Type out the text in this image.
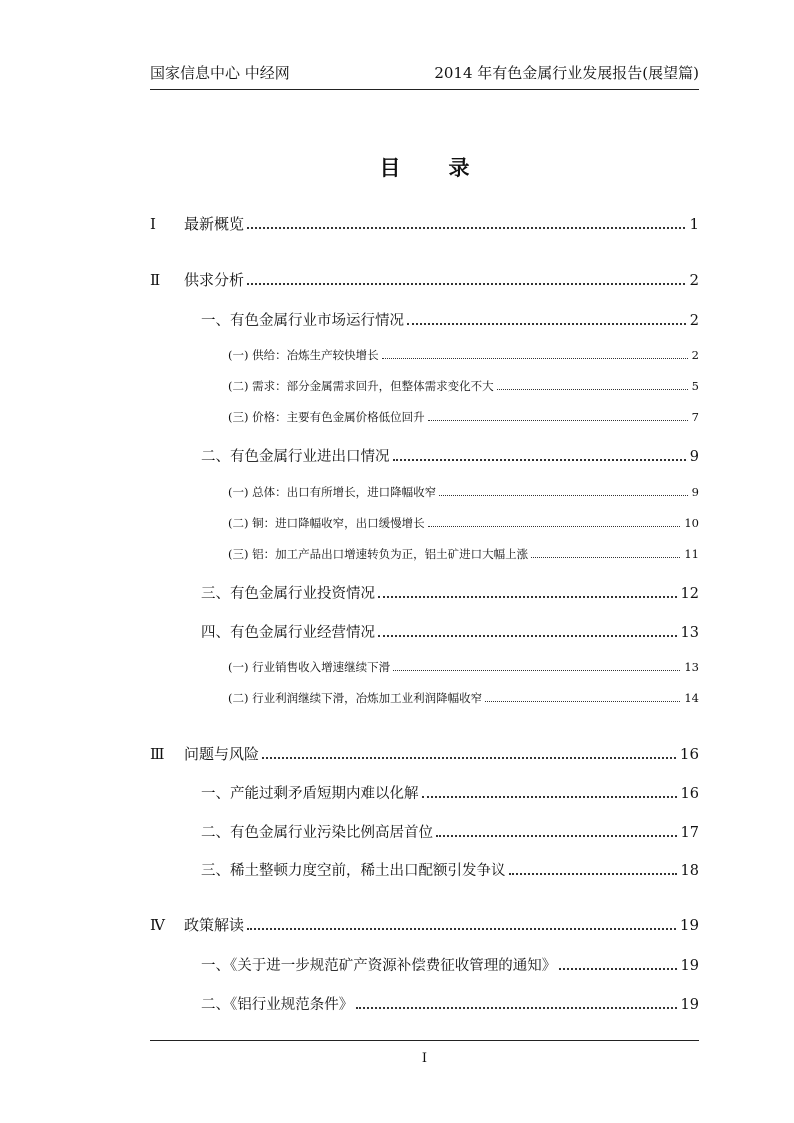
国家信息中心 中经网	2014 年有色金属行业发展报告(展望篇)
目录
Ⅰ 最新概览	1
Ⅱ 供求分析	2
一、有色金属行业市场运行情况	2
(一) 供给：冶炼生产较快增长	2
(二) 需求：部分金属需求回升，但整体需求变化不大	5
(三) 价格：主要有色金属价格低位回升	7
二、有色金属行业进出口情况	9
(一) 总体：出口有所增长，进口降幅收窄	9
(二) 铜：进口降幅收窄，出口缓慢增长	10
(三) 铝：加工产品出口增速转负为正，铝土矿进口大幅上涨	11
三、有色金属行业投资情况	12
四、有色金属行业经营情况	13
(一) 行业销售收入增速继续下滑	13
(二) 行业利润继续下滑，冶炼加工业利润降幅收窄	14
Ⅲ 问题与风险	16
一、产能过剩矛盾短期内难以化解	16
二、有色金属行业污染比例高居首位	17
三、稀土整顿力度空前，稀土出口配额引发争议	18
Ⅳ 政策解读	19
一、《关于进一步规范矿产资源补偿费征收管理的通知》	19
二、《铝行业规范条件》	19
I
